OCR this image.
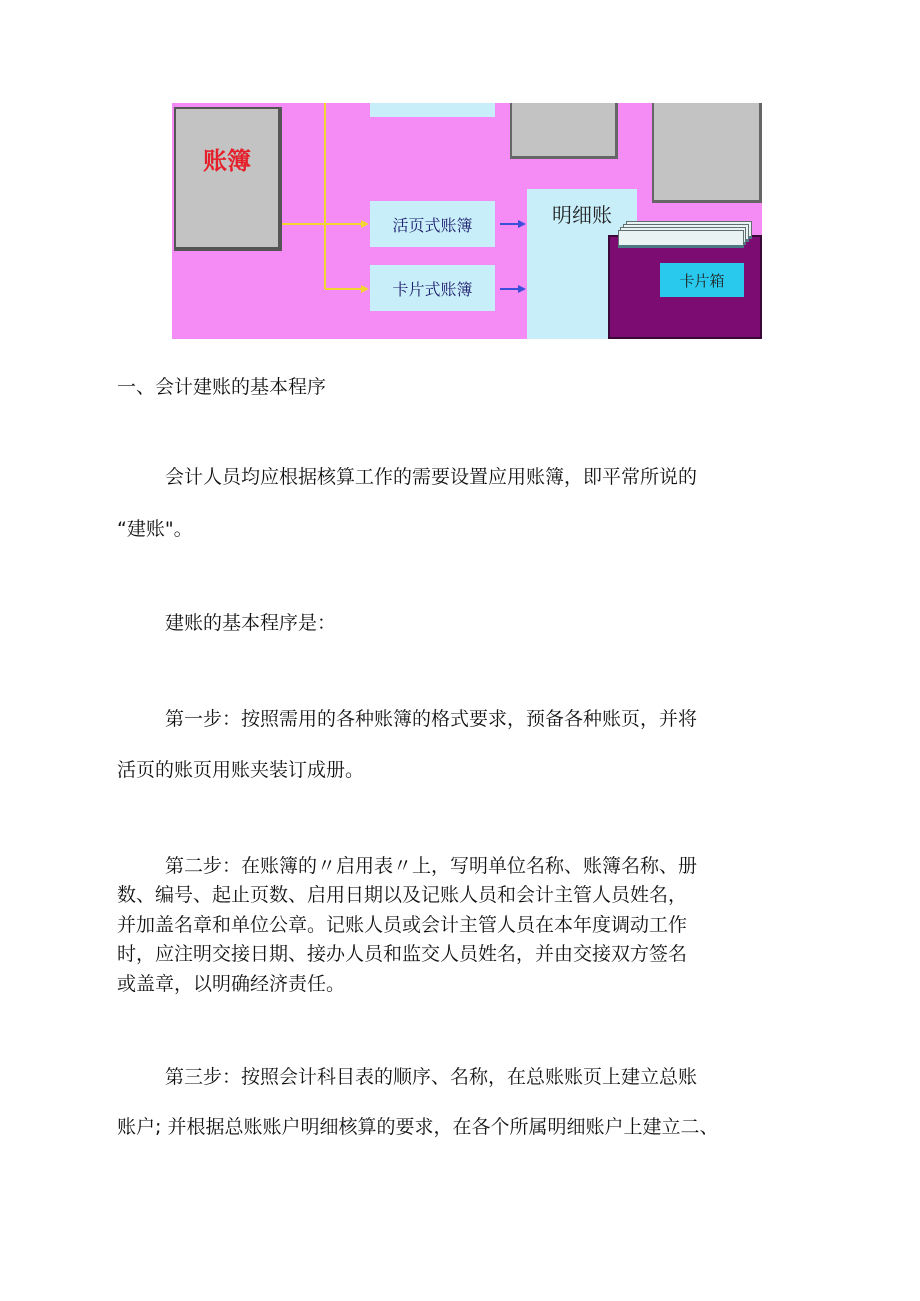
账簿
活页式账簿
卡片式账簿
明细账
卡片箱
一、会计建账的基本程序
会计人员均应根据核算工作的需要设置应用账簿，即平常所说的
“建账"。
建账的基本程序是：
第一步：按照需用的各种账簿的格式要求，预备各种账页，并将
活页的账页用账夹装订成册。
第二步：在账簿的〃启用表〃上，写明单位名称、账簿名称、册
数、编号、起止页数、启用日期以及记账人员和会计主管人员姓名，
并加盖名章和单位公章。记账人员或会计主管人员在本年度调动工作
时，应注明交接日期、接办人员和监交人员姓名，并由交接双方签名
或盖章，以明确经济责任。
第三步：按照会计科目表的顺序、名称，在总账账页上建立总账
账户; 并根据总账账户明细核算的要求，在各个所属明细账户上建立二、
